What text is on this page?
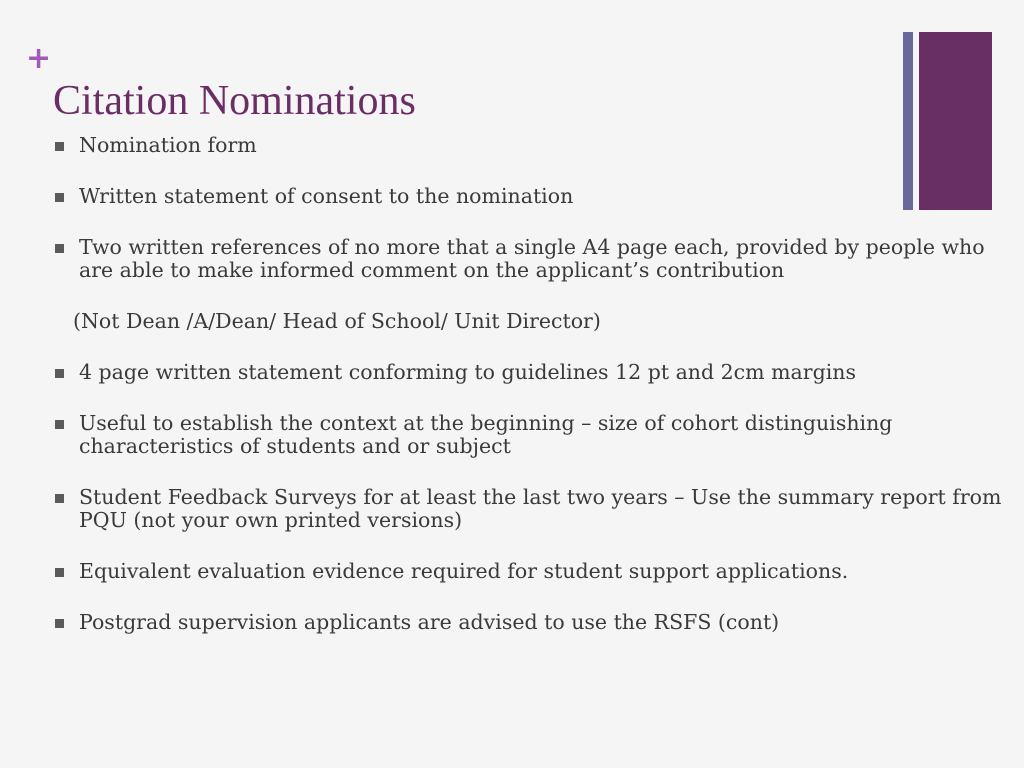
+
Citation Nominations
Nomination form
Written statement of consent to the nomination
Two written references of no more that a single A4 page each, provided by people who are able to make informed comment on the applicant’s contribution
(Not Dean /A/Dean/ Head of School/ Unit Director)
4 page written statement conforming to guidelines 12 pt and 2cm margins
Useful to establish the context at the beginning – size of cohort distinguishing characteristics of students and or subject
Student Feedback Surveys for at least the last two years – Use the summary report from PQU (not your own printed versions)
Equivalent evaluation evidence required for student support applications.
Postgrad supervision applicants are advised to use the RSFS (cont)
